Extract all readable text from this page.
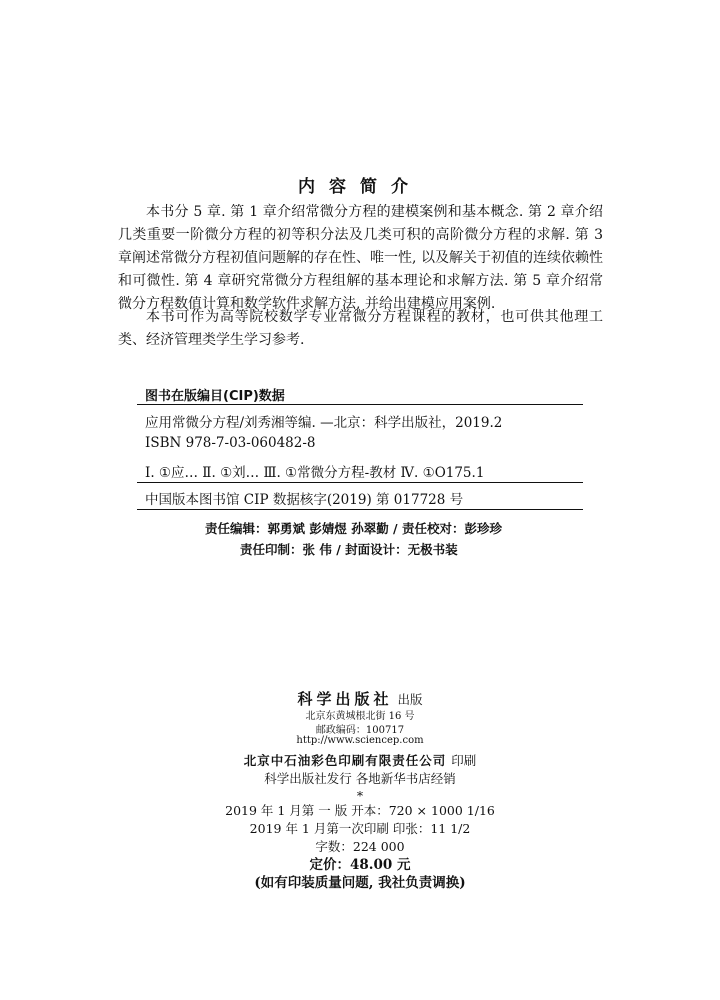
内容简介

本书分 5 章. 第 1 章介绍常微分方程的建模案例和基本概念. 第 2 章介绍几类重要一阶微分方程的初等积分法及几类可积的高阶微分方程的求解. 第 3 章阐述常微分方程初值问题解的存在性、唯一性, 以及解关于初值的连续依赖性和可微性. 第 4 章研究常微分方程组解的基本理论和求解方法. 第 5 章介绍常微分方程数值计算和数学软件求解方法, 并给出建模应用案例.

本书可作为高等院校数学专业常微分方程课程的教材，也可供其他理工类、经济管理类学生学习参考.

图书在版编目(CIP)数据
应用常微分方程/刘秀湘等编. —北京：科学出版社，2019.2
ISBN 978-7-03-060482-8
Ⅰ. ①应… Ⅱ. ①刘… Ⅲ. ①常微分方程-教材 Ⅳ. ①O175.1
中国版本图书馆 CIP 数据核字(2019) 第 017728 号
责任编辑：郭勇斌 彭婧煜 孙翠勤 / 责任校对：彭珍珍
责任印制：张 伟 / 封面设计：无极书装
科学出版社 出版
北京东黄城根北街 16 号
邮政编码：100717
http://www.sciencep.com
北京中石油彩色印刷有限责任公司 印刷
科学出版社发行 各地新华书店经销
*
2019 年 1 月第 一 版 开本：720 × 1000 1/16
2019 年 1 月第一次印刷 印张：11 1/2
字数：224 000
定价：48.00 元
(如有印装质量问题, 我社负责调换)
